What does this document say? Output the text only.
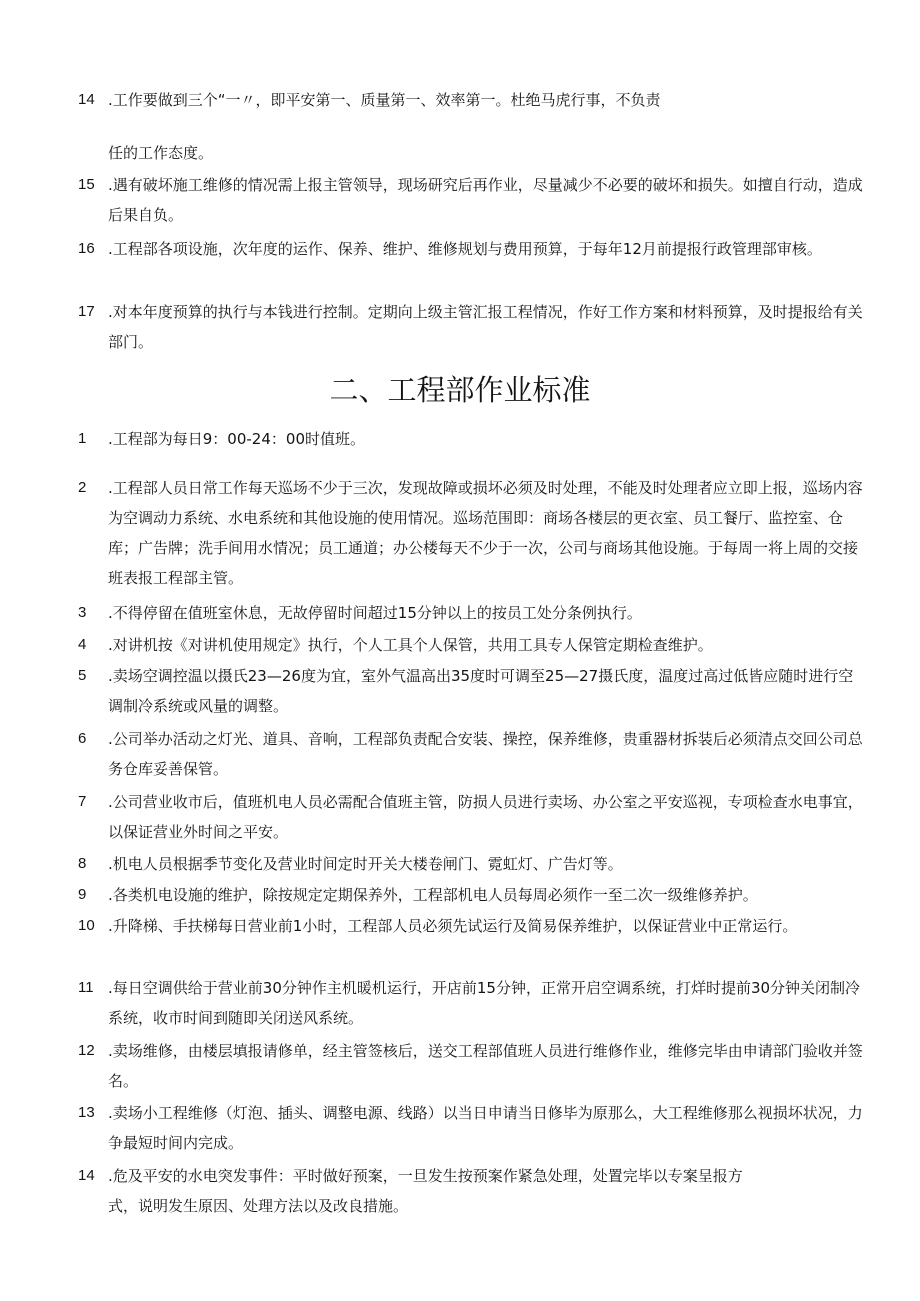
14 .工作要做到三个“一〃，即平安第一、质量第一、效率第一。杜绝马虎行事，不负责
任的工作态度。
15 .遇有破坏施工维修的情况需上报主管领导，现场研究后再作业，尽量减少不必要的破坏和损失。如擅自行动，造成后果自负。
16 .工程部各项设施，次年度的运作、保养、维护、维修规划与费用预算，于每年12月前提报行政管理部审核。
17 .对本年度预算的执行与本钱进行控制。定期向上级主管汇报工程情况，作好工作方案和材料预算，及时提报给有关部门。
二、工程部作业标准
1	.工程部为每日9：00-24：00时值班。
2	.工程部人员日常工作每天巡场不少于三次，发现故障或损坏必须及时处理，不能及时处理者应立即上报，巡场内容为空调动力系统、水电系统和其他设施的使用情况。巡场范围即：商场各楼层的更衣室、员工餐厅、监控室、仓库；广告牌；洗手间用水情况；员工通道；办公楼每天不少于一次，公司与商场其他设施。于每周一将上周的交接班表报工程部主管。
3	.不得停留在值班室休息，无故停留时间超过15分钟以上的按员工处分条例执行。
4	.对讲机按《对讲机使用规定》执行，个人工具个人保管，共用工具专人保管定期检查维护。
5	.卖场空调控温以摄氏23—26度为宜，室外气温高出35度时可调至25—27摄氏度，温度过高过低皆应随时进行空调制冷系统或风量的调整。
6	.公司举办活动之灯光、道具、音响，工程部负责配合安装、操控，保养维修，贵重器材拆装后必须清点交回公司总务仓库妥善保管。
7	.公司营业收市后，值班机电人员必需配合值班主管，防损人员进行卖场、办公室之平安巡视，专项检查水电事宜，以保证营业外时间之平安。
8	.机电人员根据季节变化及营业时间定时开关大楼卷闸门、霓虹灯、广告灯等。
9	.各类机电设施的维护，除按规定定期保养外，工程部机电人员每周必须作一至二次一级维修养护。
10 .升降梯、手扶梯每日营业前1小时，工程部人员必须先试运行及简易保养维护，以保证营业中正常运行。
11 .每日空调供给于营业前30分钟作主机暖机运行，开店前15分钟，正常开启空调系统，打烊时提前30分钟关闭制冷系统，收市时间到随即关闭送风系统。
12 .卖场维修，由楼层填报请修单，经主管签核后，送交工程部值班人员进行维修作业，维修完毕由申请部门验收并签名。
13 .卖场小工程维修（灯泡、插头、调整电源、线路）以当日申请当日修毕为原那么，大工程维修那么视损坏状况，力争最短时间内完成。
14 .危及平安的水电突发事件：平时做好预案，一旦发生按预案作紧急处理，处置完毕以专案呈报方式，说明发生原因、处理方法以及改良措施。
